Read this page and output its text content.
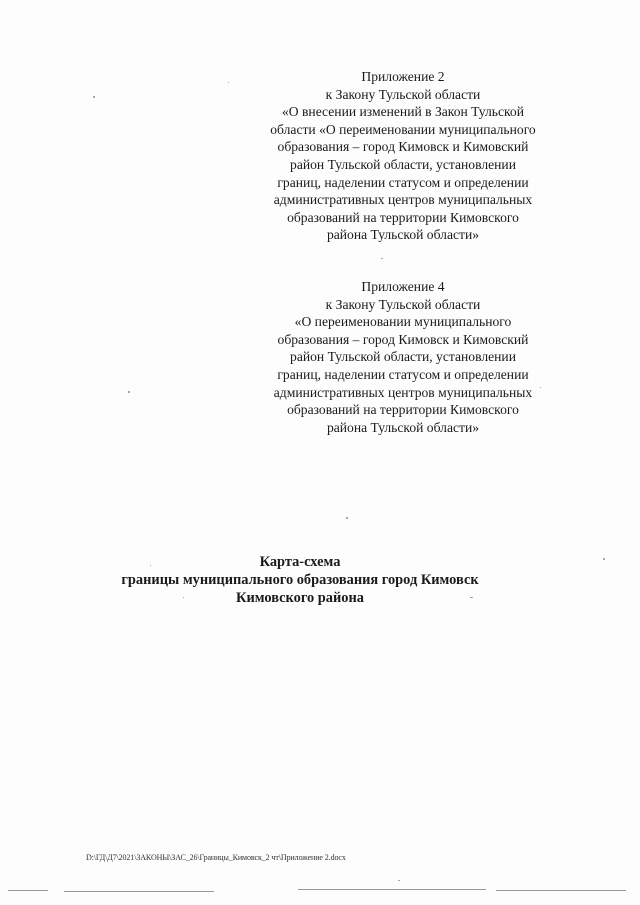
Приложение 2
к Закону Тульской области
«О внесении изменений в Закон Тульской
области «О переименовании муниципального
образования – город Кимовск и Кимовский
район Тульской области, установлении
границ, наделении статусом и определении
административных центров муниципальных
образований на территории Кимовского
района Тульской области»
Приложение 4
к Закону Тульской области
«О переименовании муниципального
образования – город Кимовск и Кимовский
район Тульской области, установлении
границ, наделении статусом и определении
административных центров муниципальных
образований на территории Кимовского
района Тульской области»
Карта-схема
границы муниципального образования город Кимовск
Кимовского района
D:\ГД\Д7\2021\ЗАКОНЫ\ЗАС_26\Границы_Кимовск_2 чт\Приложение 2.docx
